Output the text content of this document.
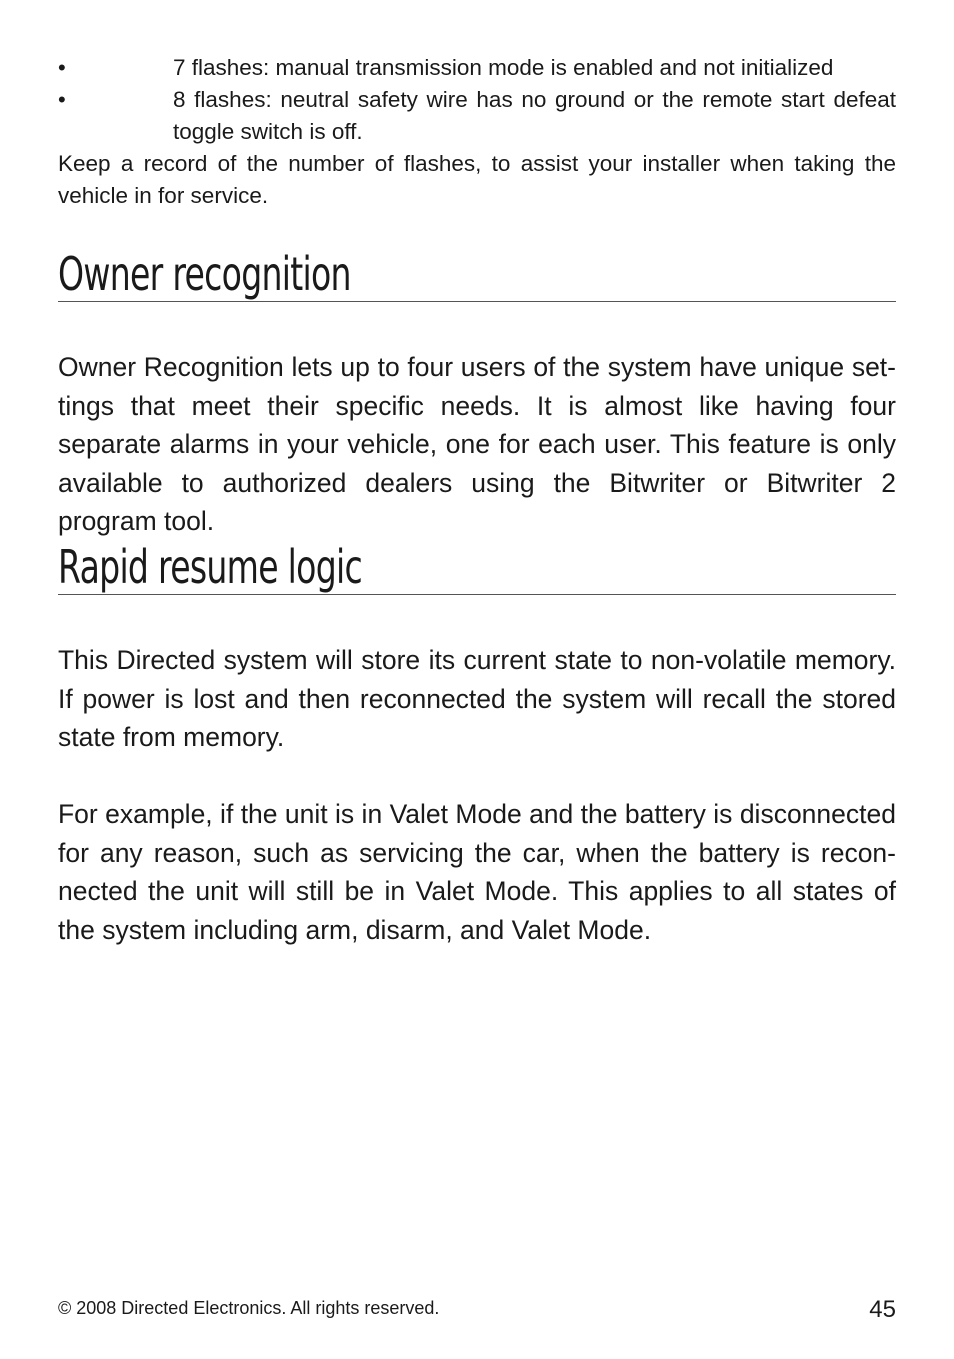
•	7 flashes: manual transmission mode is enabled and not initialized
•	8 flashes: neutral safety wire has no ground or the remote start defeat toggle switch is off.

Keep a record of the number of flashes, to assist your installer when taking the vehicle in for service.

Owner recognition

Owner Recognition lets up to four users of the system have unique settings that meet their specific needs. It is almost like having four separate alarms in your vehicle, one for each user. This feature is only available to authorized dealers using the Bitwriter or Bitwriter 2 program tool.

Rapid resume logic

This Directed system will store its current state to non-volatile memory. If power is lost and then reconnected the system will recall the stored state from memory.

For example, if the unit is in Valet Mode and the battery is disconnected for any reason, such as servicing the car, when the battery is reconnected the unit will still be in Valet Mode. This applies to all states of the system including arm, disarm, and Valet Mode.

© 2008 Directed Electronics. All rights reserved.	45
